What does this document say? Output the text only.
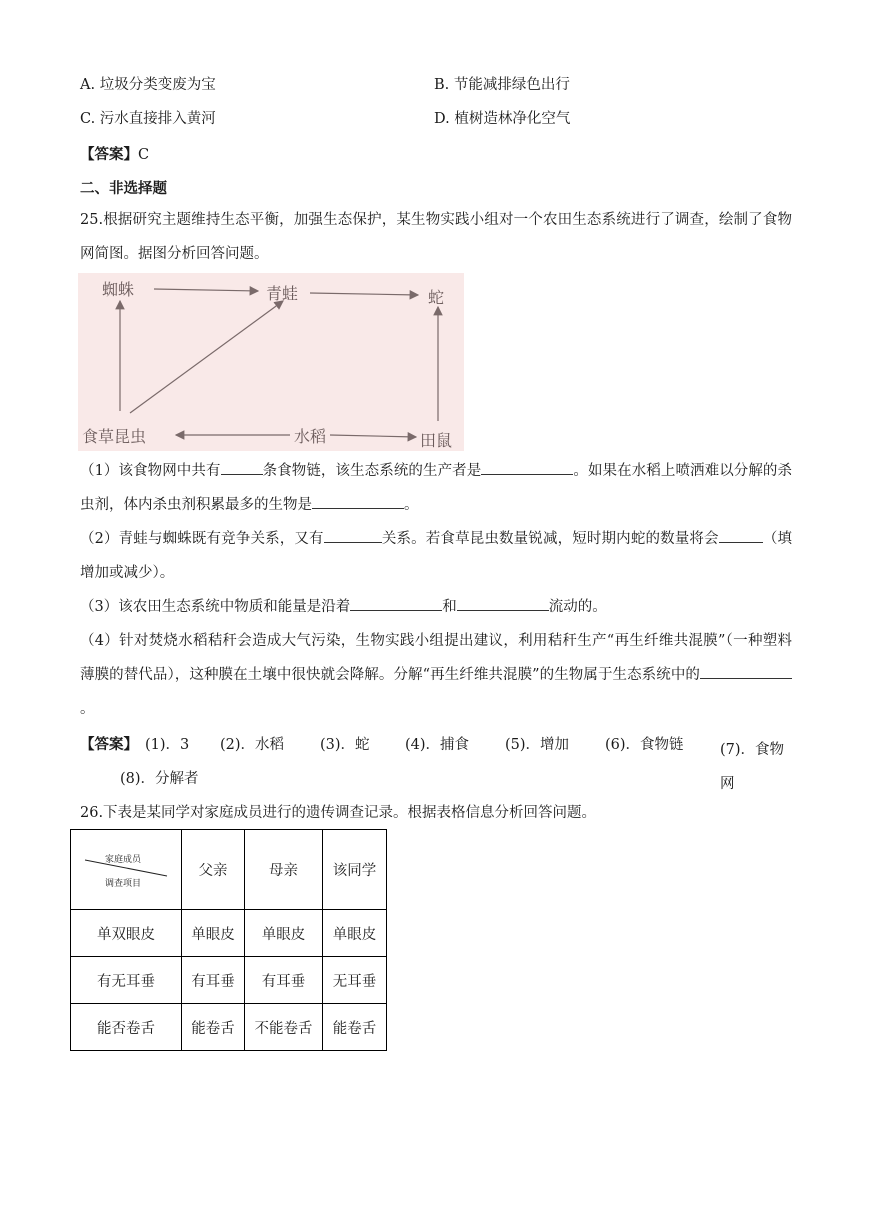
A. 垃圾分类变废为宝	B. 节能减排绿色出行
C. 污水直接排入黄河	D. 植树造林净化空气
【答案】C
二、非选择题
25.根据研究主题维持生态平衡，加强生态保护，某生物实践小组对一个农田生态系统进行了调查，绘制了食物网简图。据图分析回答问题。
蜘蛛	青蛙	蛇
食草昆虫	水稻	田鼠
（1）该食物网中共有	条食物链，该生态系统的生产者是	。如果在水稻上喷洒难以分解的杀虫剂，体内杀虫剂积累最多的生物是	。
（2）青蛙与蜘蛛既有竞争关系，又有	关系。若食草昆虫数量锐减，短时期内蛇的数量将会	（填增加或减少）。
（3）该农田生态系统中物质和能量是沿着	和	流动的。
（4）针对焚烧水稻秸秆会造成大气污染，生物实践小组提出建议，利用秸秆生产“再生纤维共混膜”（一种塑料薄膜的替代品），这种膜在土壤中很快就会降解。分解“再生纤维共混膜”的生物属于生态系统中的。
【答案】 (1)．3 (2)．水稻 (3)．蛇 (4)．捕食 (5)．增加 (6)．食物链	(7)．食物网
(8)．分解者
26.下表是某同学对家庭成员进行的遗传调查记录。根据表格信息分析回答问题。
家庭成员
调查项目	父亲	母亲	该同学
单双眼皮	单眼皮	单眼皮	单眼皮
有无耳垂	有耳垂	有耳垂	无耳垂
能否卷舌	能卷舌	不能卷舌	能卷舌
